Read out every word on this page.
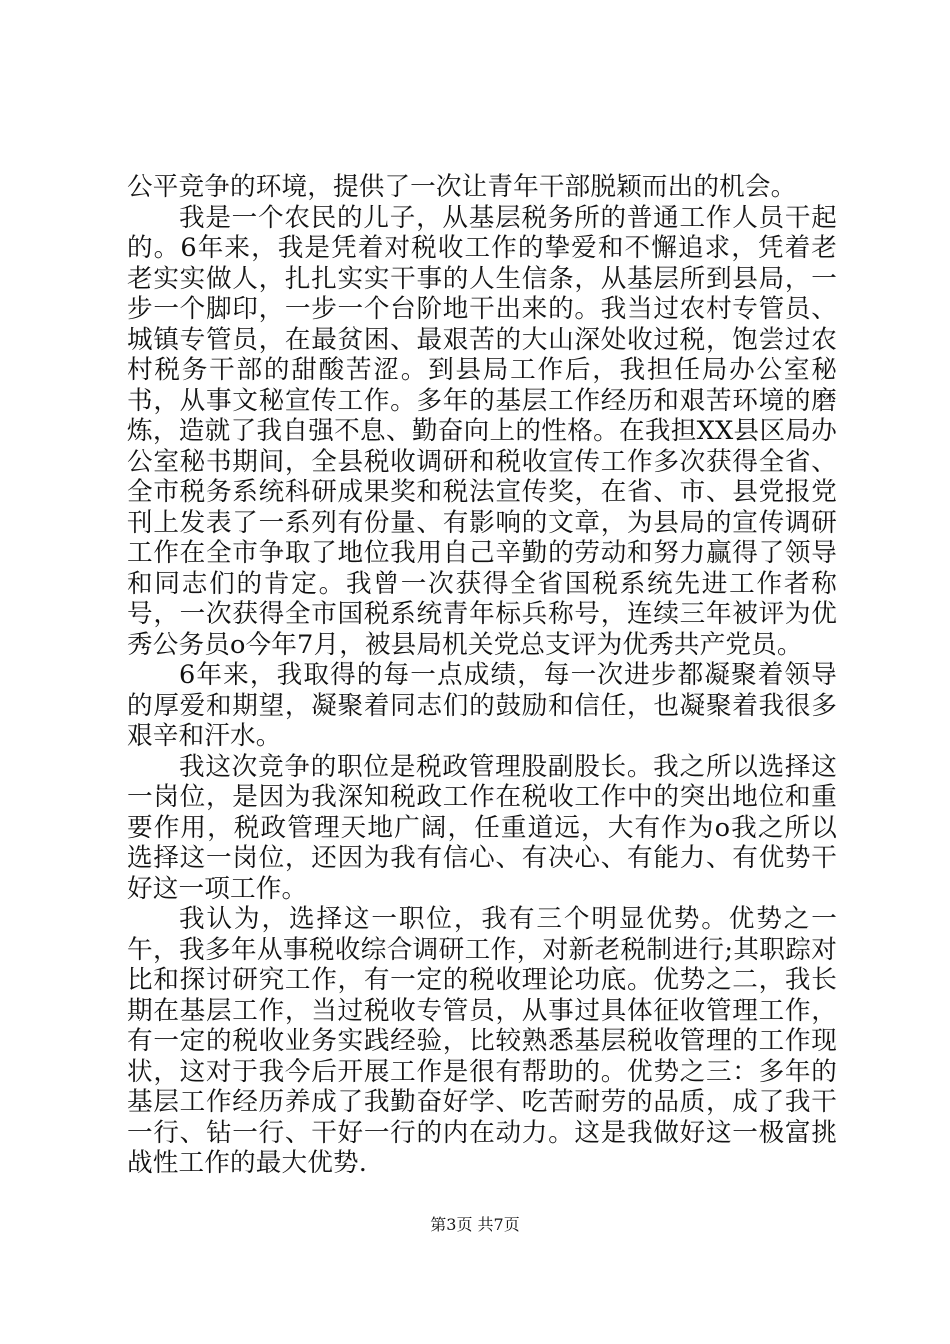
公平竞争的环境，提供了一次让青年干部脱颖而出的机会。

我是一个农民的儿子，从基层税务所的普通工作人员干起的。6年来，我是凭着对税收工作的挚爱和不懈追求，凭着老老实实做人，扎扎实实干事的人生信条，从基层所到县局，一步一个脚印，一步一个台阶地干出来的。我当过农村专管员、城镇专管员，在最贫困、最艰苦的大山深处收过税，饱尝过农村税务干部的甜酸苦涩。到县局工作后，我担任局办公室秘书，从事文秘宣传工作。多年的基层工作经历和艰苦环境的磨炼，造就了我自强不息、勤奋向上的性格。在我担XX县区局办公室秘书期间，全县税收调研和税收宣传工作多次获得全省、全市税务系统科研成果奖和税法宣传奖，在省、市、县党报党刊上发表了一系列有份量、有影响的文章，为县局的宣传调研工作在全市争取了地位我用自己辛勤的劳动和努力赢得了领导和同志们的肯定。我曾一次获得全省国税系统先进工作者称号，一次获得全市国税系统青年标兵称号，连续三年被评为优秀公务员o今年7月，被县局机关党总支评为优秀共产党员。

6年来，我取得的每一点成绩，每一次进步都凝聚着领导的厚爱和期望，凝聚着同志们的鼓励和信任，也凝聚着我很多艰辛和汗水。

我这次竞争的职位是税政管理股副股长。我之所以选择这一岗位，是因为我深知税政工作在税收工作中的突出地位和重要作用，税政管理天地广阔，任重道远，大有作为o我之所以选择这一岗位，还因为我有信心、有决心、有能力、有优势干好这一项工作。

我认为，选择这一职位，我有三个明显优势。优势之一午，我多年从事税收综合调研工作，对新老税制进行;其职踪对比和探讨研究工作，有一定的税收理论功底。优势之二，我长期在基层工作，当过税收专管员，从事过具体征收管理工作，有一定的税收业务实践经验，比较熟悉基层税收管理的工作现状，这对于我今后开展工作是很有帮助的。优势之三：多年的基层工作经历养成了我勤奋好学、吃苦耐劳的品质，成了我干一行、钻一行、干好一行的内在动力。这是我做好这一极富挑战性工作的最大优势.

第3页 共7页
